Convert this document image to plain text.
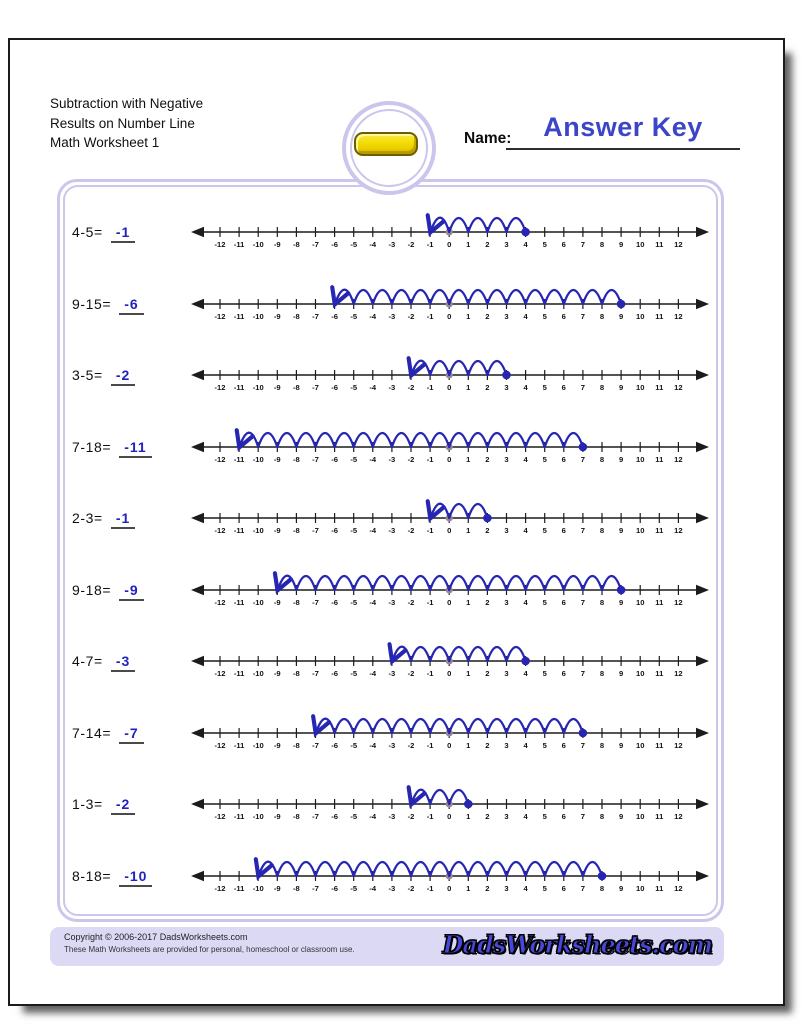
Subtraction with Negative
Results on Number Line
Math Worksheet 1	Name:	Answer Key
4-5= -1
-12 -11 -10 -9 -8 -7 -6 -5 -4 -3 -2 -1 0 1 2 3 4 5 6 7 8 9 10 11 12
9-15= -6
-12 -11 -10 -9 -8 -7 -6 -5 -4 -3 -2 -1 0 1 2 3 4 5 6 7 8 9 10 11 12
3-5= -2
-12 -11 -10 -9 -8 -7 -6 -5 -4 -3 -2 -1 0 1 2 3 4 5 6 7 8 9 10 11 12
7-18= -11
-12 -11 -10 -9 -8 -7 -6 -5 -4 -3 -2 -1 0 1 2 3 4 5 6 7 8 9 10 11 12
2-3= -1
-12 -11 -10 -9 -8 -7 -6 -5 -4 -3 -2 -1 0 1 2 3 4 5 6 7 8 9 10 11 12
9-18= -9
-12 -11 -10 -9 -8 -7 -6 -5 -4 -3 -2 -1 0 1 2 3 4 5 6 7 8 9 10 11 12
4-7= -3
-12 -11 -10 -9 -8 -7 -6 -5 -4 -3 -2 -1 0 1 2 3 4 5 6 7 8 9 10 11 12
7-14= -7
-12 -11 -10 -9 -8 -7 -6 -5 -4 -3 -2 -1 0 1 2 3 4 5 6 7 8 9 10 11 12
1-3= -2
-12 -11 -10 -9 -8 -7 -6 -5 -4 -3 -2 -1 0 1 2 3 4 5 6 7 8 9 10 11 12
8-18= -10
-12 -11 -10 -9 -8 -7 -6 -5 -4 -3 -2 -1 0 1 2 3 4 5 6 7 8 9 10 11 12
Copyright © 2006-2017 DadsWorksheets.com
These Math Worksheets are provided for personal, homeschool or classroom use.	DadsWorksheets.com
